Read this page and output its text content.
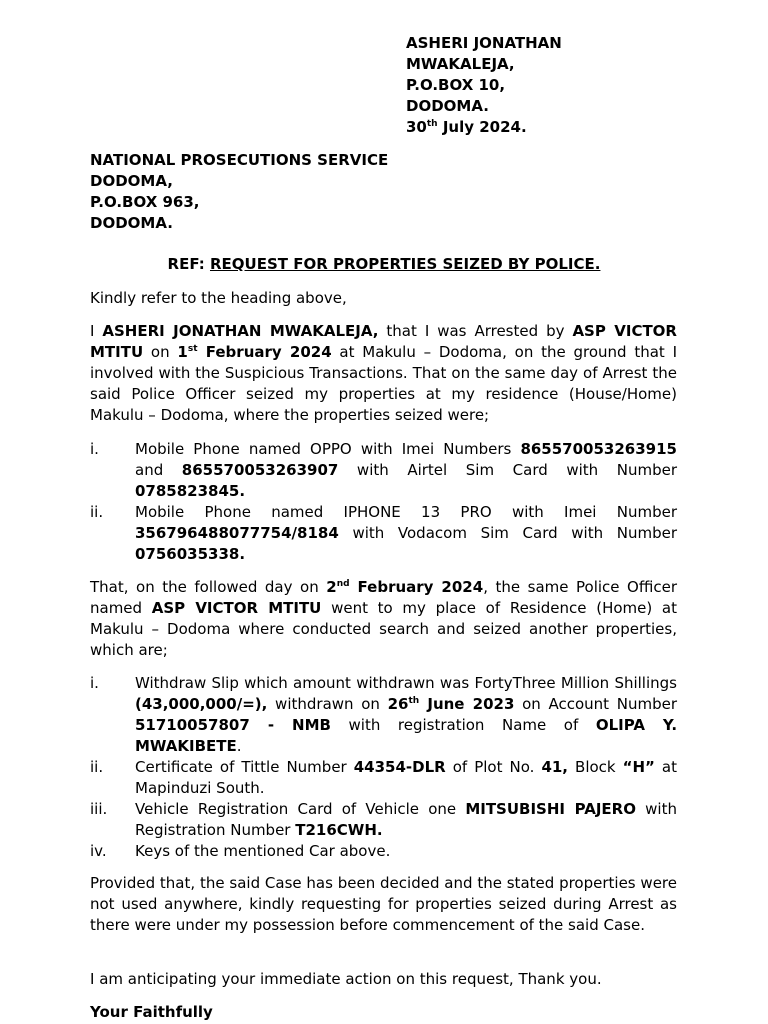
ASHERI JONATHAN
MWAKALEJA,
P.O.BOX 10,
DODOMA.
30th July 2024.
NATIONAL PROSECUTIONS SERVICE
DODOMA,
P.O.BOX 963,
DODOMA.
REF: REQUEST FOR PROPERTIES SEIZED BY POLICE.
Kindly refer to the heading above,
I ASHERI JONATHAN MWAKALEJA, that I was Arrested by ASP VICTOR MTITU on 1st February 2024 at Makulu – Dodoma, on the ground that I involved with the Suspicious Transactions. That on the same day of Arrest the said Police Officer seized my properties at my residence (House/Home) Makulu – Dodoma, where the properties seized were;
i.	Mobile Phone named OPPO with Imei Numbers 865570053263915 and 865570053263907 with Airtel Sim Card with Number 0785823845.
ii.	Mobile Phone named IPHONE 13 PRO with Imei Number 356796488077754/8184 with Vodacom Sim Card with Number 0756035338.
That, on the followed day on 2nd February 2024, the same Police Officer named ASP VICTOR MTITU went to my place of Residence (Home) at Makulu – Dodoma where conducted search and seized another properties, which are;
i.	Withdraw Slip which amount withdrawn was FortyThree Million Shillings (43,000,000/=), withdrawn on 26th June 2023 on Account Number 51710057807 - NMB with registration Name of OLIPA Y. MWAKIBETE.
ii.	Certificate of Tittle Number 44354-DLR of Plot No. 41, Block “H” at Mapinduzi South.
iii.	Vehicle Registration Card of Vehicle one MITSUBISHI PAJERO with Registration Number T216CWH.
iv.	Keys of the mentioned Car above.
Provided that, the said Case has been decided and the stated properties were not used anywhere, kindly requesting for properties seized during Arrest as there were under my possession before commencement of the said Case.
I am anticipating your immediate action on this request, Thank you.
Your Faithfully
